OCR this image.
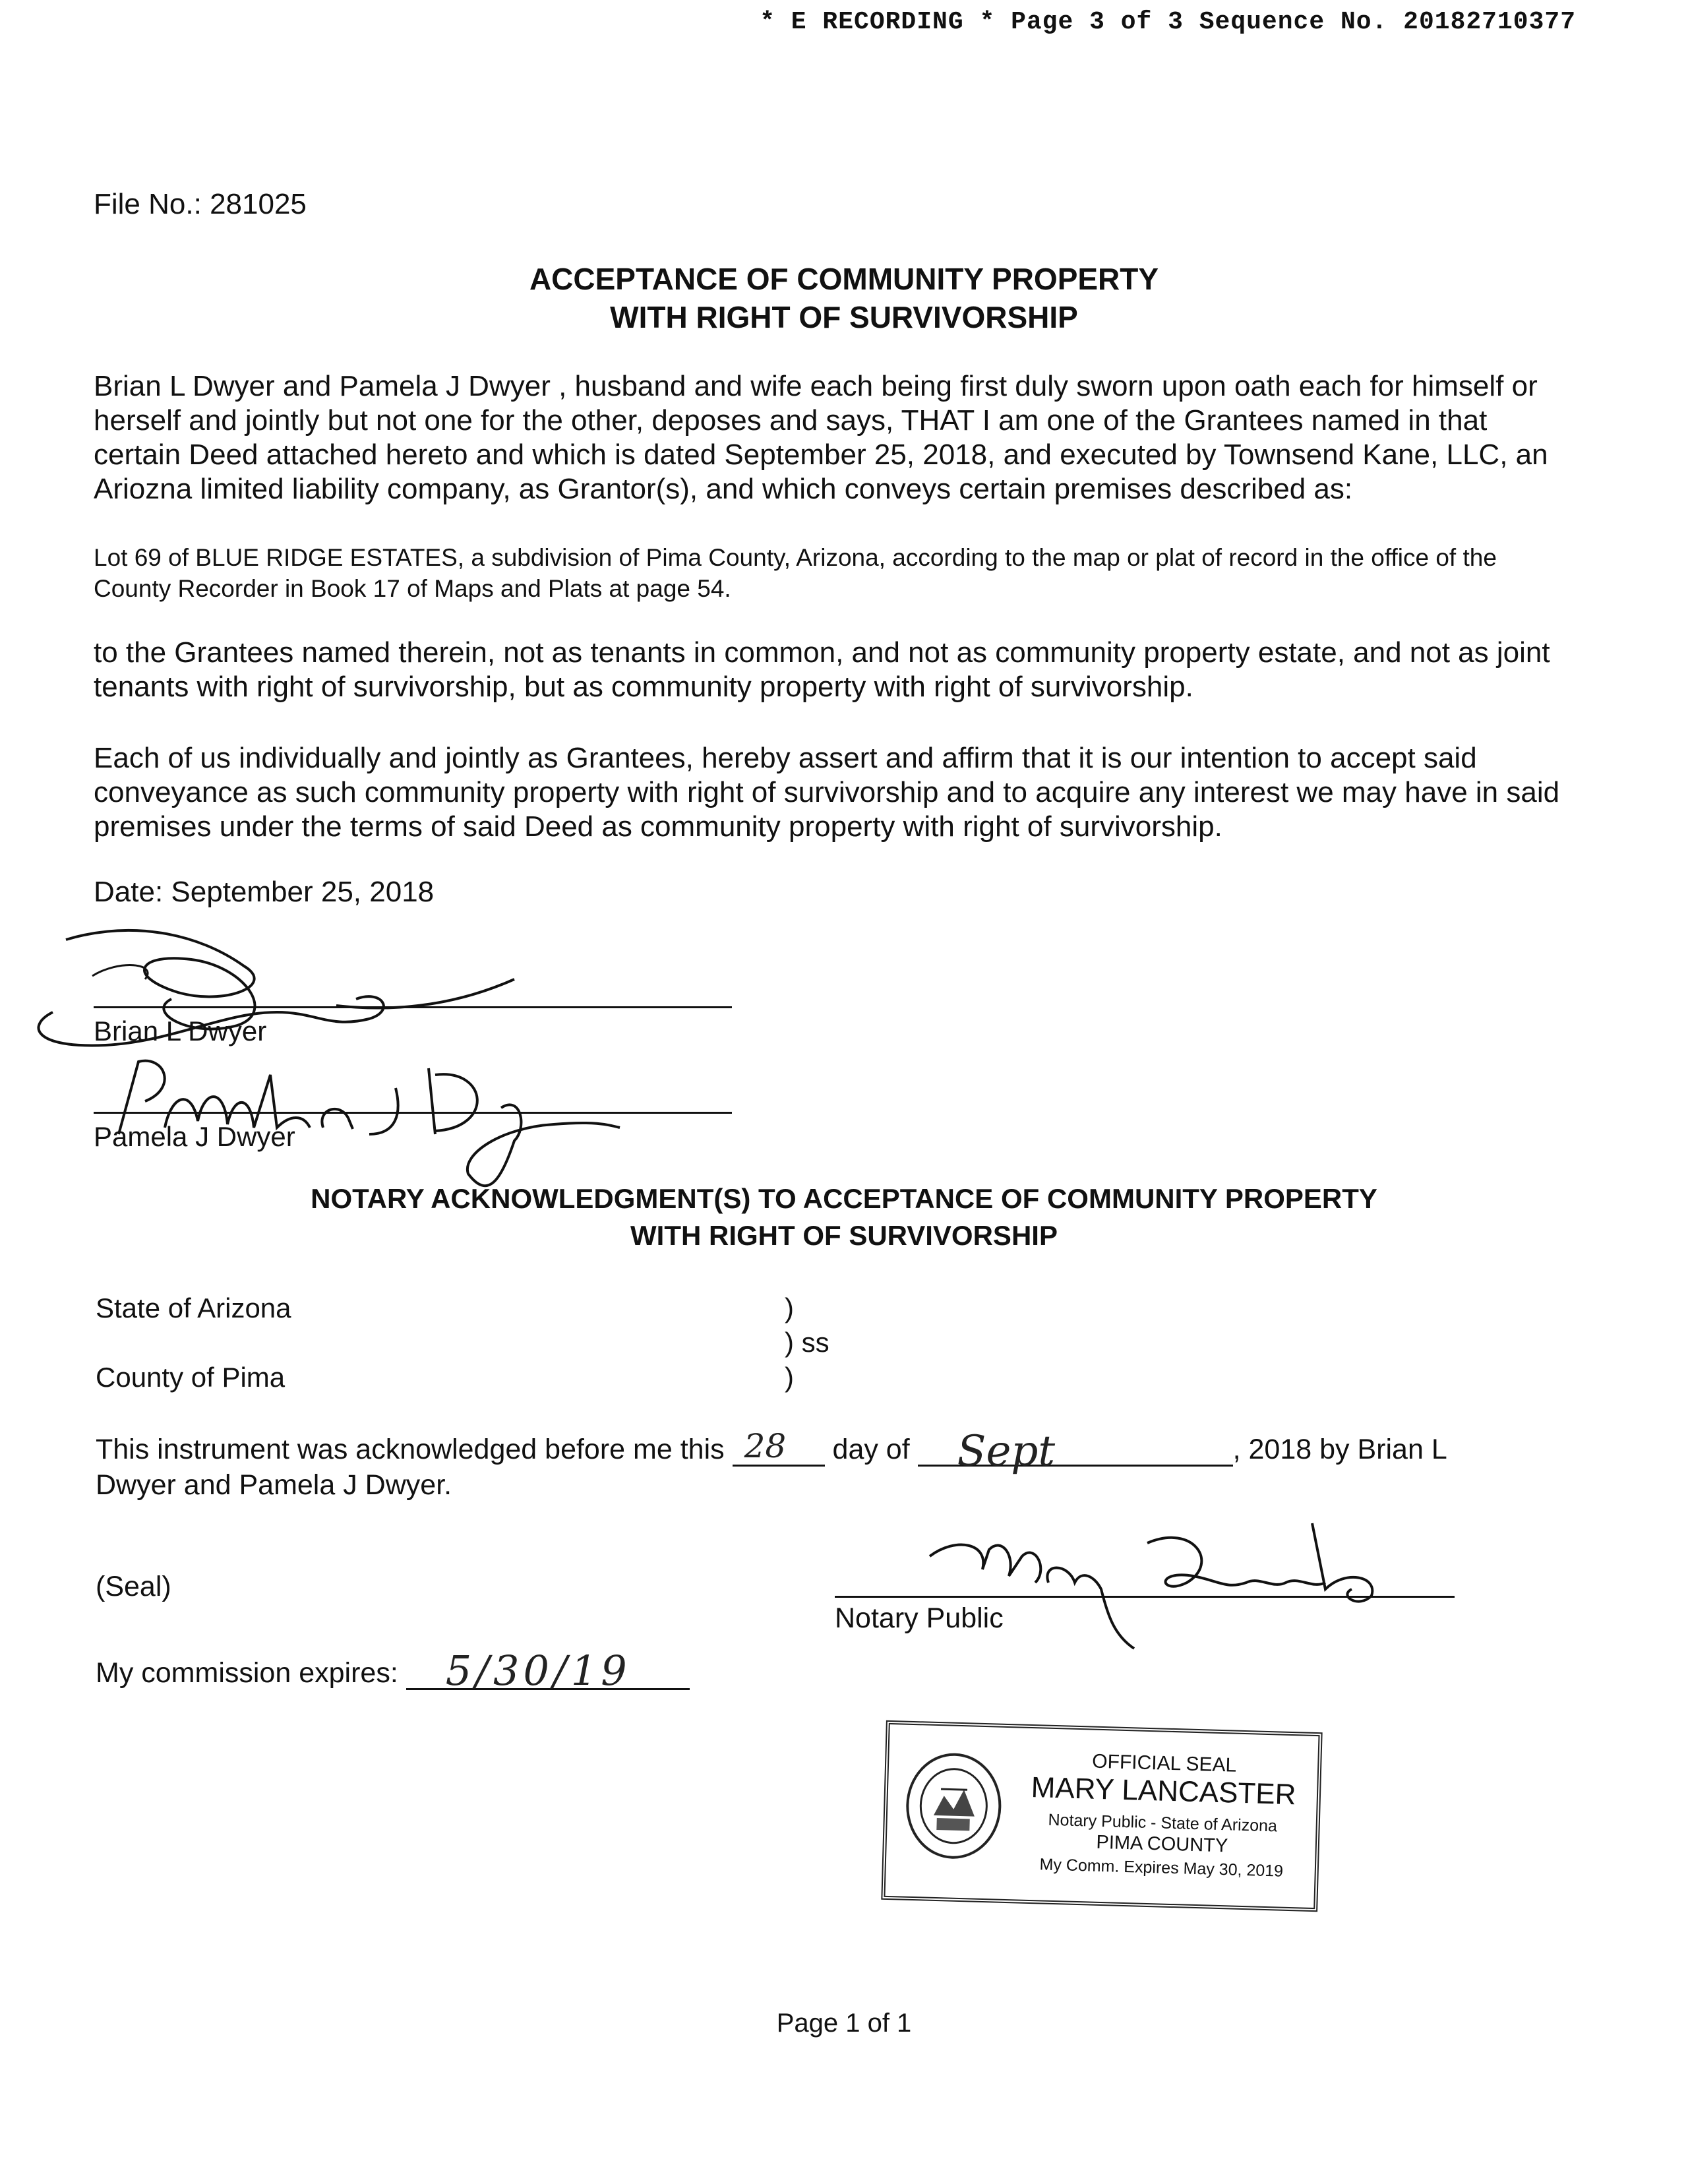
* E RECORDING * Page 3 of 3 Sequence No. 20182710377
File No.: 281025
ACCEPTANCE OF COMMUNITY PROPERTY
WITH RIGHT OF SURVIVORSHIP
Brian L Dwyer and Pamela J Dwyer , husband and wife each being first duly sworn upon oath each for himself or herself and jointly but not one for the other, deposes and says, THAT I am one of the Grantees named in that certain Deed attached hereto and which is dated September 25, 2018, and executed by Townsend Kane, LLC, an Ariozna limited liability company, as Grantor(s), and which conveys certain premises described as:
Lot 69 of BLUE RIDGE ESTATES, a subdivision of Pima County, Arizona, according to the map or plat of record in the office of the County Recorder in Book 17 of Maps and Plats at page 54.
to the Grantees named therein, not as tenants in common, and not as community property estate, and not as joint tenants with right of survivorship, but as community property with right of survivorship.
Each of us individually and jointly as Grantees, hereby assert and affirm that it is our intention to accept said conveyance as such community property with right of survivorship and to acquire any interest we may have in said premises under the terms of said Deed as community property with right of survivorship.
Date: September 25, 2018
Brian L Dwyer
Pamela J Dwyer
NOTARY ACKNOWLEDGMENT(S) TO ACCEPTANCE OF COMMUNITY PROPERTY
WITH RIGHT OF SURVIVORSHIP
State of Arizona
County of Pima
)
) ss
)
This instrument was acknowledged before me this 28 day of Sept	, 2018 by Brian L
Dwyer and Pamela J Dwyer.
(Seal)
Notary Public
My commission expires: 5/30/19
OFFICIAL SEAL
MARY LANCASTER
Notary Public - State of Arizona
PIMA COUNTY
My Comm. Expires May 30, 2019
Page 1 of 1
